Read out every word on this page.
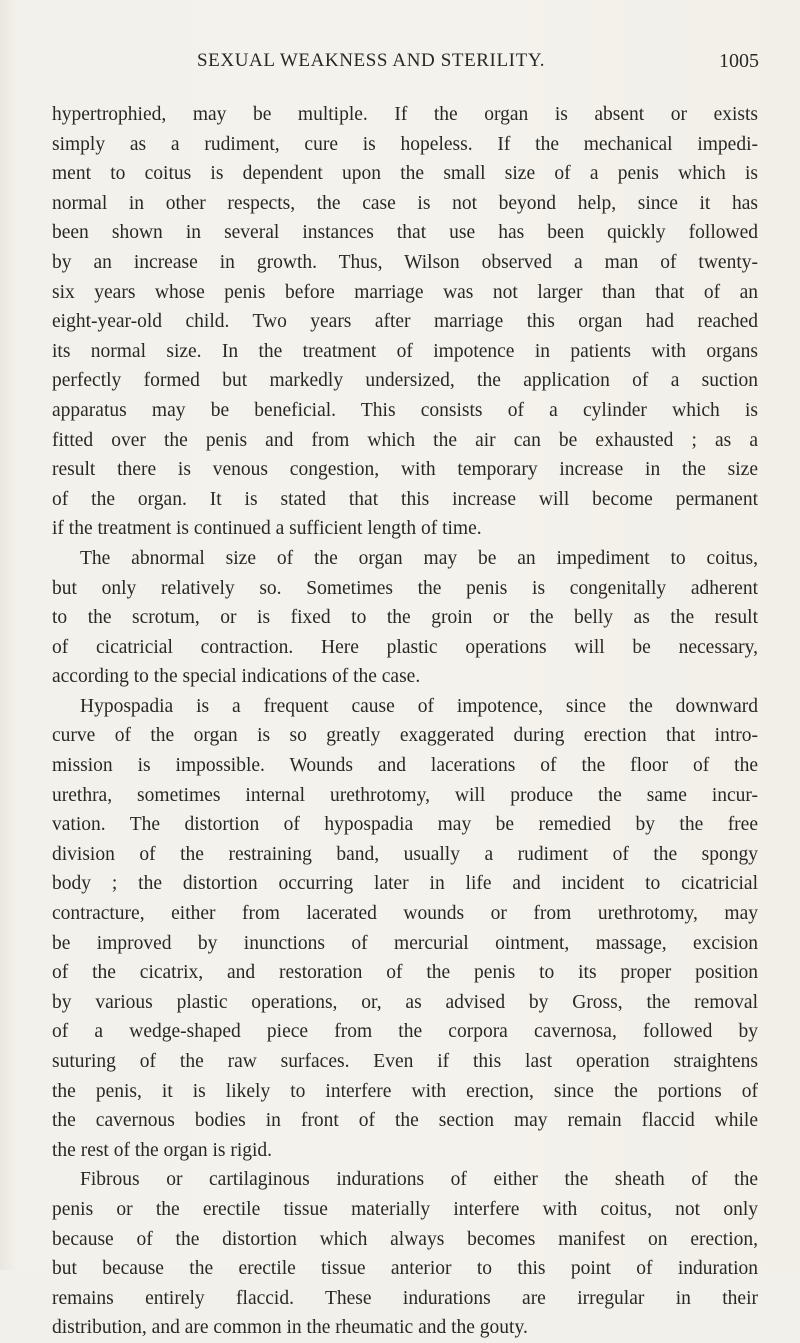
SEXUAL WEAKNESS AND STERILITY.	1005
hypertrophied, may be multiple. If the organ is absent or exists
simply as a rudiment, cure is hopeless. If the mechanical impedi-
ment to coitus is dependent upon the small size of a penis which is
normal in other respects, the case is not beyond help, since it has
been shown in several instances that use has been quickly followed
by an increase in growth. Thus, Wilson observed a man of twenty-
six years whose penis before marriage was not larger than that of an
eight-year-old child. Two years after marriage this organ had reached
its normal size. In the treatment of impotence in patients with organs
perfectly formed but markedly undersized, the application of a suction
apparatus may be beneficial. This consists of a cylinder which is
fitted over the penis and from which the air can be exhausted ; as a
result there is venous congestion, with temporary increase in the size
of the organ. It is stated that this increase will become permanent
if the treatment is continued a sufficient length of time.
The abnormal size of the organ may be an impediment to coitus,
but only relatively so. Sometimes the penis is congenitally adherent
to the scrotum, or is fixed to the groin or the belly as the result
of cicatricial contraction. Here plastic operations will be necessary,
according to the special indications of the case.
Hypospadia is a frequent cause of impotence, since the downward
curve of the organ is so greatly exaggerated during erection that intro-
mission is impossible. Wounds and lacerations of the floor of the
urethra, sometimes internal urethrotomy, will produce the same incur-
vation. The distortion of hypospadia may be remedied by the free
division of the restraining band, usually a rudiment of the spongy
body ; the distortion occurring later in life and incident to cicatricial
contracture, either from lacerated wounds or from urethrotomy, may
be improved by inunctions of mercurial ointment, massage, excision
of the cicatrix, and restoration of the penis to its proper position
by various plastic operations, or, as advised by Gross, the removal
of a wedge-shaped piece from the corpora cavernosa, followed by
suturing of the raw surfaces. Even if this last operation straightens
the penis, it is likely to interfere with erection, since the portions of
the cavernous bodies in front of the section may remain flaccid while
the rest of the organ is rigid.
Fibrous or cartilaginous indurations of either the sheath of the
penis or the erectile tissue materially interfere with coitus, not only
because of the distortion which always becomes manifest on erection,
but because the erectile tissue anterior to this point of induration
remains entirely flaccid. These indurations are irregular in their
distribution, and are common in the rheumatic and the gouty.
